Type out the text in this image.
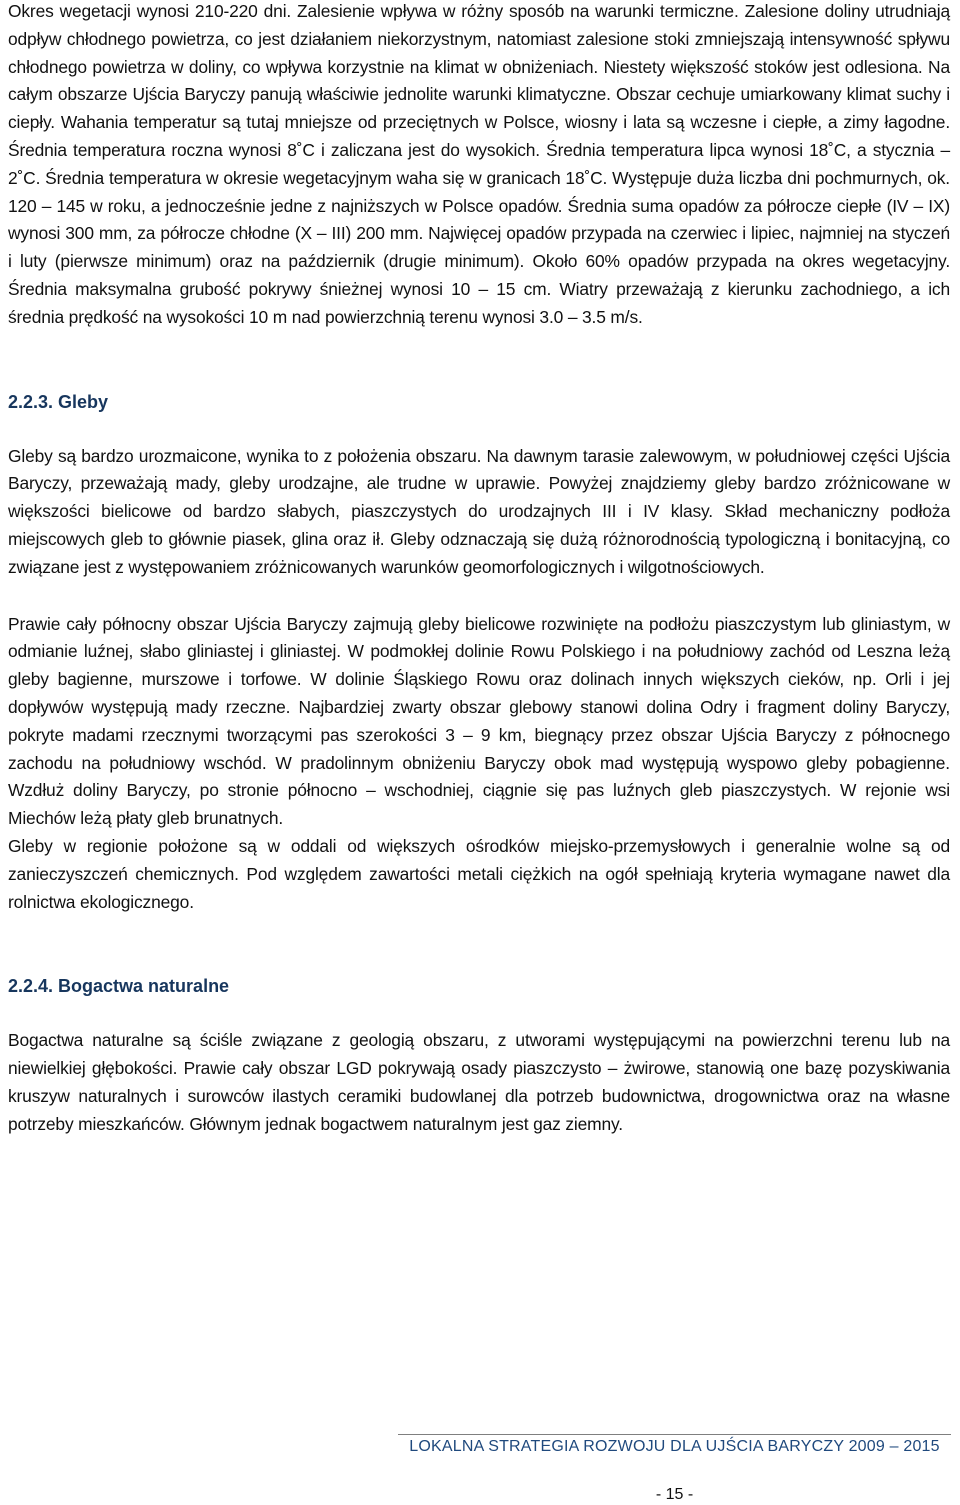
Okres wegetacji wynosi 210-220 dni. Zalesienie wpływa w różny sposób na warunki termiczne. Zalesione doliny utrudniają odpływ chłodnego powietrza, co jest działaniem niekorzystnym, natomiast zalesione stoki zmniejszają intensywność spływu chłodnego powietrza w doliny, co wpływa korzystnie na klimat w obniżeniach. Niestety większość stoków jest odlesiona. Na całym obszarze Ujścia Baryczy panują właściwie jednolite warunki klimatyczne. Obszar cechuje umiarkowany klimat suchy i ciepły. Wahania temperatur są tutaj mniejsze od przeciętnych w Polsce, wiosny i lata są wczesne i ciepłe, a zimy łagodne. Średnia temperatura roczna wynosi 8˚C i zaliczana jest do wysokich. Średnia temperatura lipca wynosi 18˚C, a stycznia –2˚C. Średnia temperatura w okresie wegetacyjnym waha się w granicach 18˚C. Występuje duża liczba dni pochmurnych, ok. 120 – 145 w roku, a jednocześnie jedne z najniższych w Polsce opadów. Średnia suma opadów za półrocze ciepłe (IV – IX) wynosi 300 mm, za półrocze chłodne (X – III) 200 mm. Najwięcej opadów przypada na czerwiec i lipiec, najmniej na styczeń i luty (pierwsze minimum) oraz na październik (drugie minimum). Około 60% opadów przypada na okres wegetacyjny. Średnia maksymalna grubość pokrywy śnieżnej wynosi 10 – 15 cm. Wiatry przeważają z kierunku zachodniego, a ich średnia prędkość na wysokości 10 m nad powierzchnią terenu wynosi 3.0 – 3.5 m/s.

2.2.3. Gleby

Gleby są bardzo urozmaicone, wynika to z położenia obszaru. Na dawnym tarasie zalewowym, w południowej części Ujścia Baryczy, przeważają mady, gleby urodzajne, ale trudne w uprawie. Powyżej znajdziemy gleby bardzo zróżnicowane w większości bielicowe od bardzo słabych, piaszczystych do urodzajnych III i IV klasy. Skład mechaniczny podłoża miejscowych gleb to głównie piasek, glina oraz ił. Gleby odznaczają się dużą różnorodnością typologiczną i bonitacyjną, co związane jest z występowaniem zróżnicowanych warunków geomorfologicznych i wilgotnościowych.

Prawie cały północny obszar Ujścia Baryczy zajmują gleby bielicowe rozwinięte na podłożu piaszczystym lub gliniastym, w odmianie luźnej, słabo gliniastej i gliniastej. W podmokłej dolinie Rowu Polskiego i na południowy zachód od Leszna leżą gleby bagienne, murszowe i torfowe. W dolinie Śląskiego Rowu oraz dolinach innych większych cieków, np. Orli i jej dopływów występują mady rzeczne. Najbardziej zwarty obszar glebowy stanowi dolina Odry i fragment doliny Baryczy, pokryte madami rzecznymi tworzącymi pas szerokości 3 – 9 km, biegnący przez obszar Ujścia Baryczy z północnego zachodu na południowy wschód. W pradolinnym obniżeniu Baryczy obok mad występują wyspowo gleby pobagienne. Wzdłuż doliny Baryczy, po stronie północno – wschodniej, ciągnie się pas luźnych gleb piaszczystych. W rejonie wsi Miechów leżą płaty gleb brunatnych.

Gleby w regionie położone są w oddali od większych ośrodków miejsko-przemysłowych i generalnie wolne są od zanieczyszczeń chemicznych. Pod względem zawartości metali ciężkich na ogół spełniają kryteria wymagane nawet dla rolnictwa ekologicznego.

2.2.4. Bogactwa naturalne

Bogactwa naturalne są ściśle związane z geologią obszaru, z utworami występującymi na powierzchni terenu lub na niewielkiej głębokości. Prawie cały obszar LGD pokrywają osady piaszczysto – żwirowe, stanowią one bazę pozyskiwania kruszyw naturalnych i surowców ilastych ceramiki budowlanej dla potrzeb budownictwa, drogownictwa oraz na własne potrzeby mieszkańców. Głównym jednak bogactwem naturalnym jest gaz ziemny.

LOKALNA STRATEGIA ROZWOJU DLA UJŚCIA BARYCZY 2009 – 2015
- 15 -
